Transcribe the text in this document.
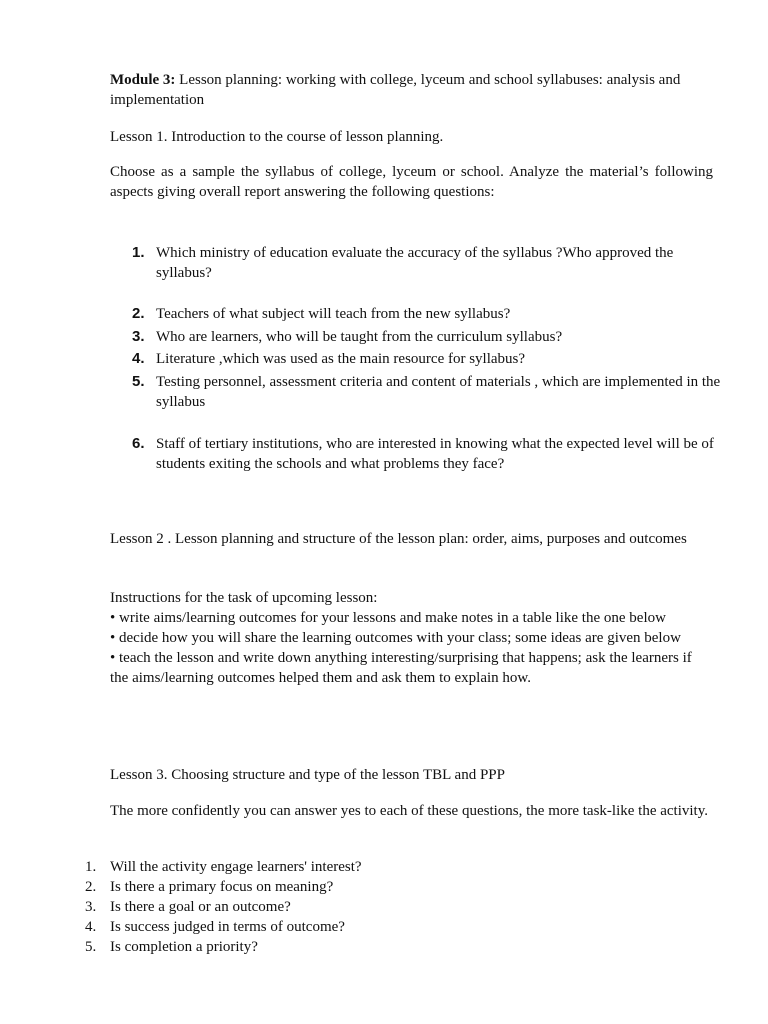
Module 3: Lesson planning: working with college, lyceum and school syllabuses: analysis and implementation

Lesson 1. Introduction to the course of lesson planning.

Choose as a sample the syllabus of college, lyceum or school. Analyze the material’s following aspects giving overall report answering the following questions:

1. Which ministry of education evaluate the accuracy of the syllabus ?Who approved the syllabus?
2. Teachers of what subject will teach from the new syllabus?
3. Who are learners, who will be taught from the curriculum syllabus?
4. Literature ,which was used as the main resource for syllabus?
5. Testing personnel, assessment criteria and content of materials , which are implemented in the syllabus
6. Staff of tertiary institutions, who are interested in knowing what the expected level will be of students exiting the schools and what problems they face?

Lesson 2 . Lesson planning and structure of the lesson plan: order, aims, purposes and outcomes

Instructions for the task of upcoming lesson:
• write aims/learning outcomes for your lessons and make notes in a table like the one below
• decide how you will share the learning outcomes with your class; some ideas are given below
• teach the lesson and write down anything interesting/surprising that happens; ask the learners if the aims/learning outcomes helped them and ask them to explain how.

Lesson 3. Choosing structure and type of the lesson TBL and PPP

The more confidently you can answer yes to each of these questions, the more task-like the activity.

1. Will the activity engage learners' interest?
2. Is there a primary focus on meaning?
3. Is there a goal or an outcome?
4. Is success judged in terms of outcome?
5. Is completion a priority?
